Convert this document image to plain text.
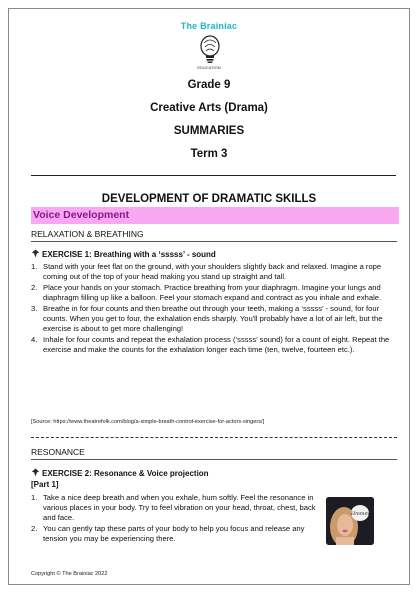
The Brainiac
EDUCATION
Grade 9
Creative Arts (Drama)
SUMMARIES
Term 3
DEVELOPMENT OF DRAMATIC SKILLS
Voice Development
RELAXATION & BREATHING
EXERCISE 1: Breathing with a ‘sssss’ - sound
1. Stand with your feet flat on the ground, with your shoulders slightly back and relaxed. Imagine a rope coming out of the top of your head making you stand up straight and tall.
2. Place your hands on your stomach. Practice breathing from your diaphragm. Imagine your lungs and diaphragm filling up like a balloon. Feel your stomach expand and contract as you inhale and exhale.
3. Breathe in for four counts and then breathe out through your teeth, making a ‘sssss’ - sound, for four counts. When you get to four, the exhalation ends sharply. You'll probably have a lot of air left, but the exercise is about to get more challenging!
4. Inhale for four counts and repeat the exhalation process (‘sssss’ sound) for a count of eight. Repeat the exercise and make the counts for the exhalation longer each time (ten, twelve, fourteen etc.).
[Source: https://www.theatrefolk.com/blog/a-simple-breath-control-exercise-for-actors-singers/]
RESONANCE
EXERCISE 2: Resonance & Voice projection
[Part 1]
1. Take a nice deep breath and when you exhale, hum softly. Feel the resonance in various places in your body. Try to feel vibration on your head, throat, chest, back and face.
2. You can gently tap these parts of your body to help you focus and release any tension you may be experiencing there.
Hmmm
Copyright © The Brainiac 2022
